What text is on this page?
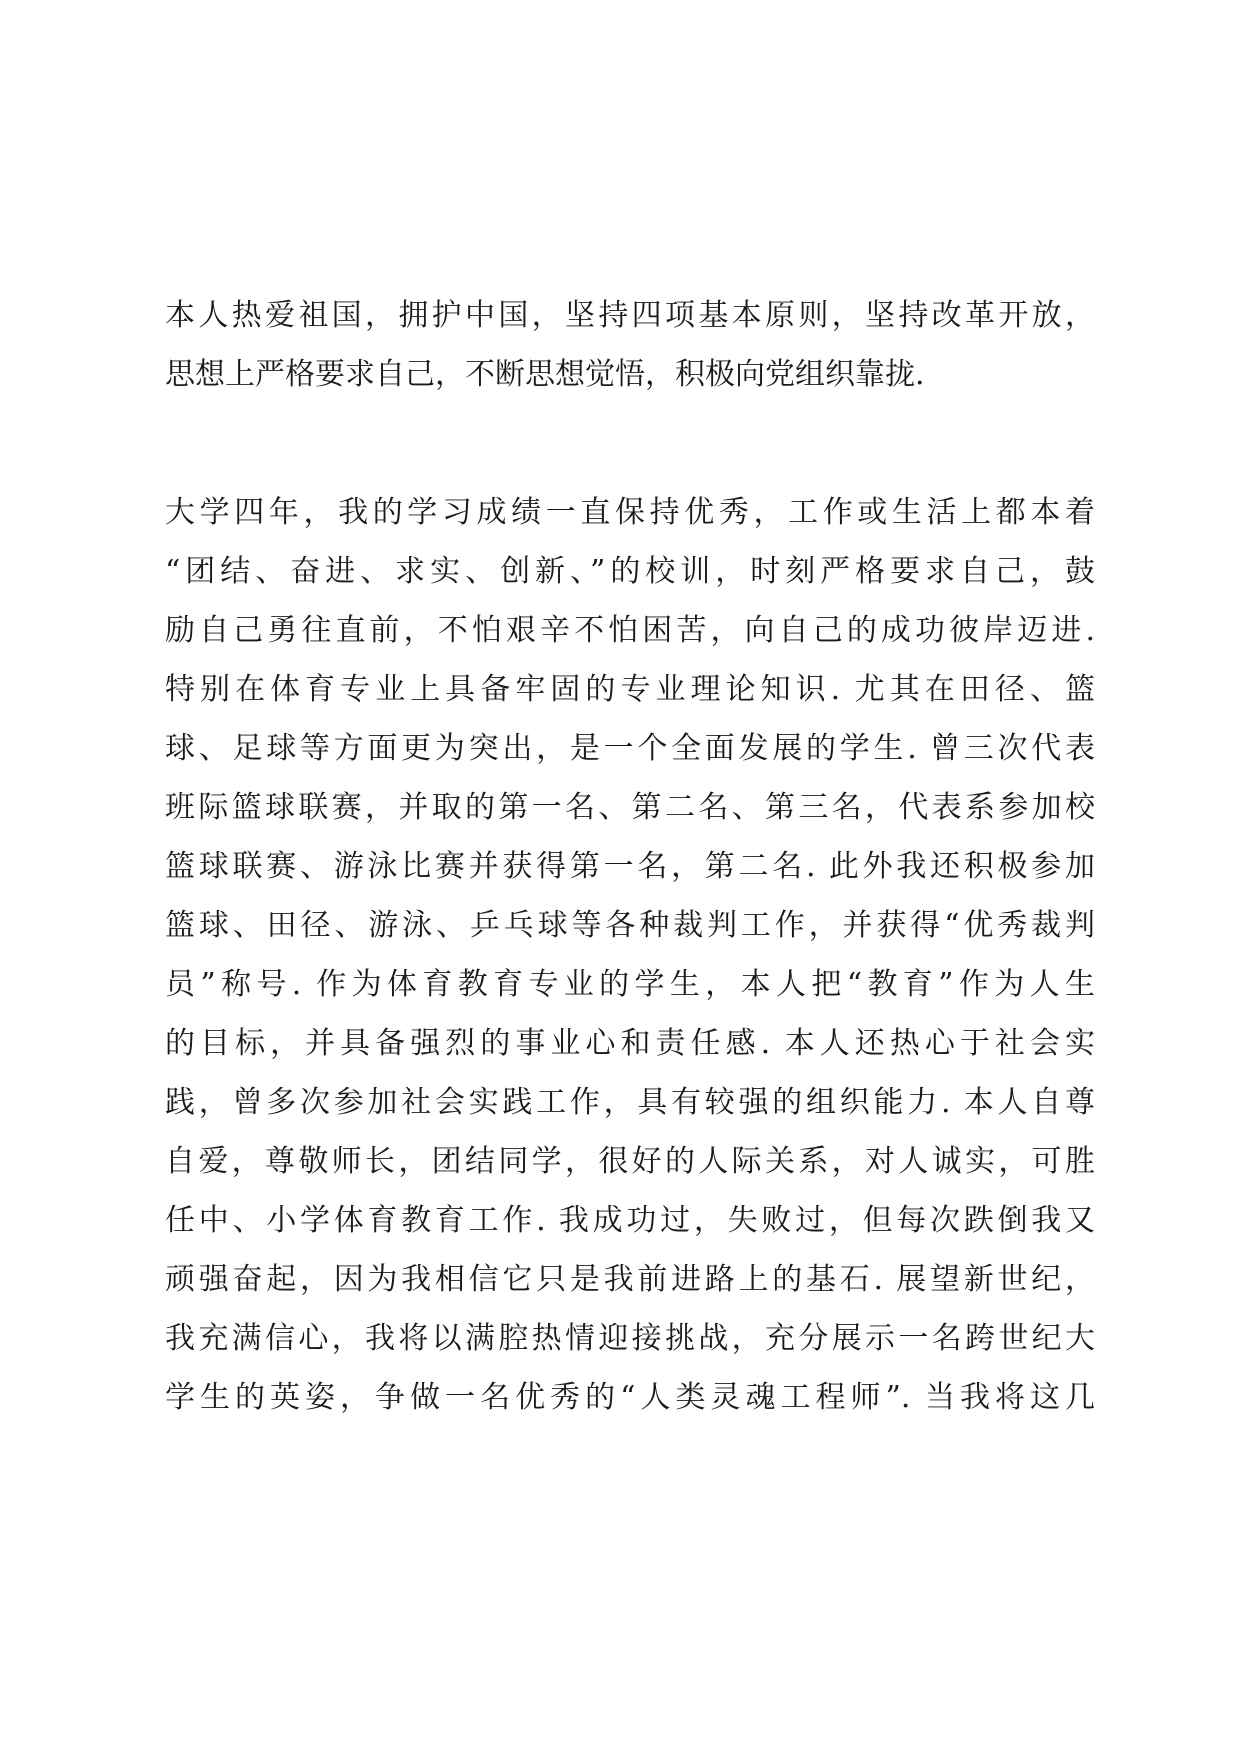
本人热爱祖国，拥护中国，坚持四项基本原则，坚持改革开放，
思想上严格要求自己，不断思想觉悟，积极向党组织靠拢.
大学四年，我的学习成绩一直保持优秀，工作或生活上都本着
“团结、奋进、求实、创新、”的校训，时刻严格要求自己，鼓
励自己勇往直前，不怕艰辛不怕困苦，向自己的成功彼岸迈进.
特别在体育专业上具备牢固的专业理论知识. 尤其在田径、篮
球、足球等方面更为突出，是一个全面发展的学生. 曾三次代表
班际篮球联赛，并取的第一名、第二名、第三名，代表系参加校
篮球联赛、游泳比赛并获得第一名，第二名. 此外我还积极参加
篮球、田径、游泳、乒乓球等各种裁判工作，并获得“优秀裁判
员”称号. 作为体育教育专业的学生，本人把“教育”作为人生
的目标，并具备强烈的事业心和责任感. 本人还热心于社会实
践，曾多次参加社会实践工作，具有较强的组织能力. 本人自尊
自爱，尊敬师长，团结同学，很好的人际关系，对人诚实，可胜
任中、小学体育教育工作. 我成功过，失败过，但每次跌倒我又
顽强奋起，因为我相信它只是我前进路上的基石. 展望新世纪，
我充满信心，我将以满腔热情迎接挑战，充分展示一名跨世纪大
学生的英姿，争做一名优秀的“人类灵魂工程师”. 当我将这几
